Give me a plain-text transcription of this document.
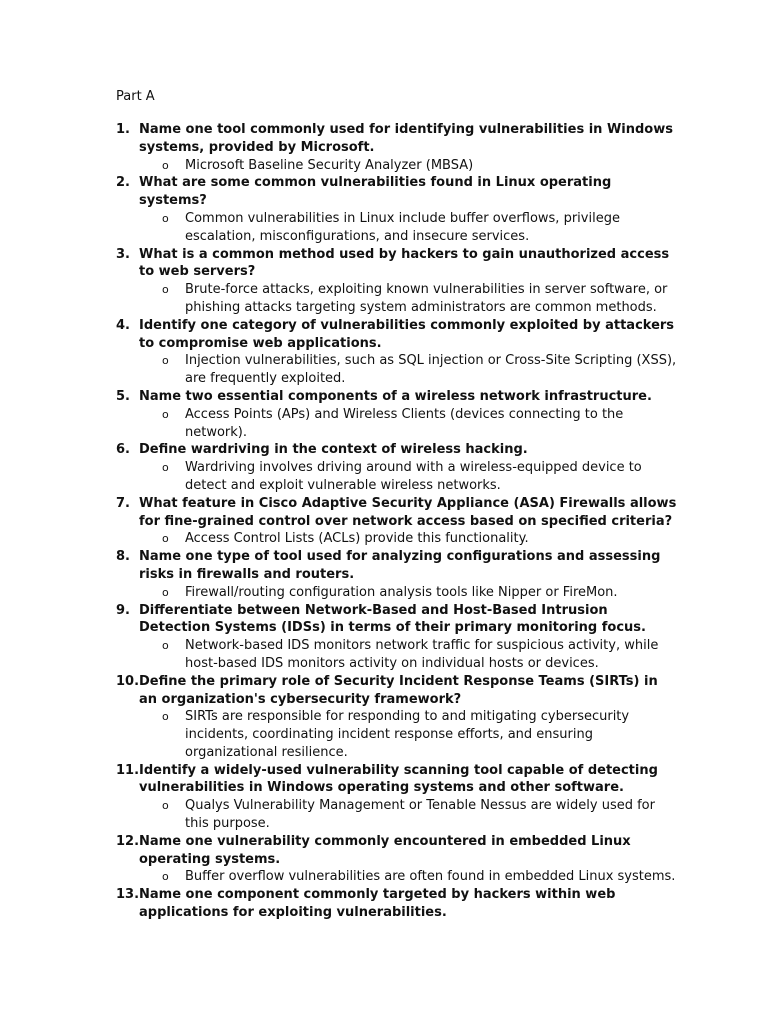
Part A
1. Name one tool commonly used for identifying vulnerabilities in Windows systems, provided by Microsoft.
o Microsoft Baseline Security Analyzer (MBSA)
2. What are some common vulnerabilities found in Linux operating systems?
o Common vulnerabilities in Linux include buffer overflows, privilege escalation, misconfigurations, and insecure services.
3. What is a common method used by hackers to gain unauthorized access to web servers?
o Brute-force attacks, exploiting known vulnerabilities in server software, or phishing attacks targeting system administrators are common methods.
4. Identify one category of vulnerabilities commonly exploited by attackers to compromise web applications.
o Injection vulnerabilities, such as SQL injection or Cross-Site Scripting (XSS), are frequently exploited.
5. Name two essential components of a wireless network infrastructure.
o Access Points (APs) and Wireless Clients (devices connecting to the network).
6. Define wardriving in the context of wireless hacking.
o Wardriving involves driving around with a wireless-equipped device to detect and exploit vulnerable wireless networks.
7. What feature in Cisco Adaptive Security Appliance (ASA) Firewalls allows for fine-grained control over network access based on specified criteria?
o Access Control Lists (ACLs) provide this functionality.
8. Name one type of tool used for analyzing configurations and assessing risks in firewalls and routers.
o Firewall/routing configuration analysis tools like Nipper or FireMon.
9. Differentiate between Network-Based and Host-Based Intrusion Detection Systems (IDSs) in terms of their primary monitoring focus.
o Network-based IDS monitors network traffic for suspicious activity, while host-based IDS monitors activity on individual hosts or devices.
10. Define the primary role of Security Incident Response Teams (SIRTs) in an organization's cybersecurity framework?
o SIRTs are responsible for responding to and mitigating cybersecurity incidents, coordinating incident response efforts, and ensuring organizational resilience.
11. Identify a widely-used vulnerability scanning tool capable of detecting vulnerabilities in Windows operating systems and other software.
o Qualys Vulnerability Management or Tenable Nessus are widely used for this purpose.
12. Name one vulnerability commonly encountered in embedded Linux operating systems.
o Buffer overflow vulnerabilities are often found in embedded Linux systems.
13. Name one component commonly targeted by hackers within web applications for exploiting vulnerabilities.
